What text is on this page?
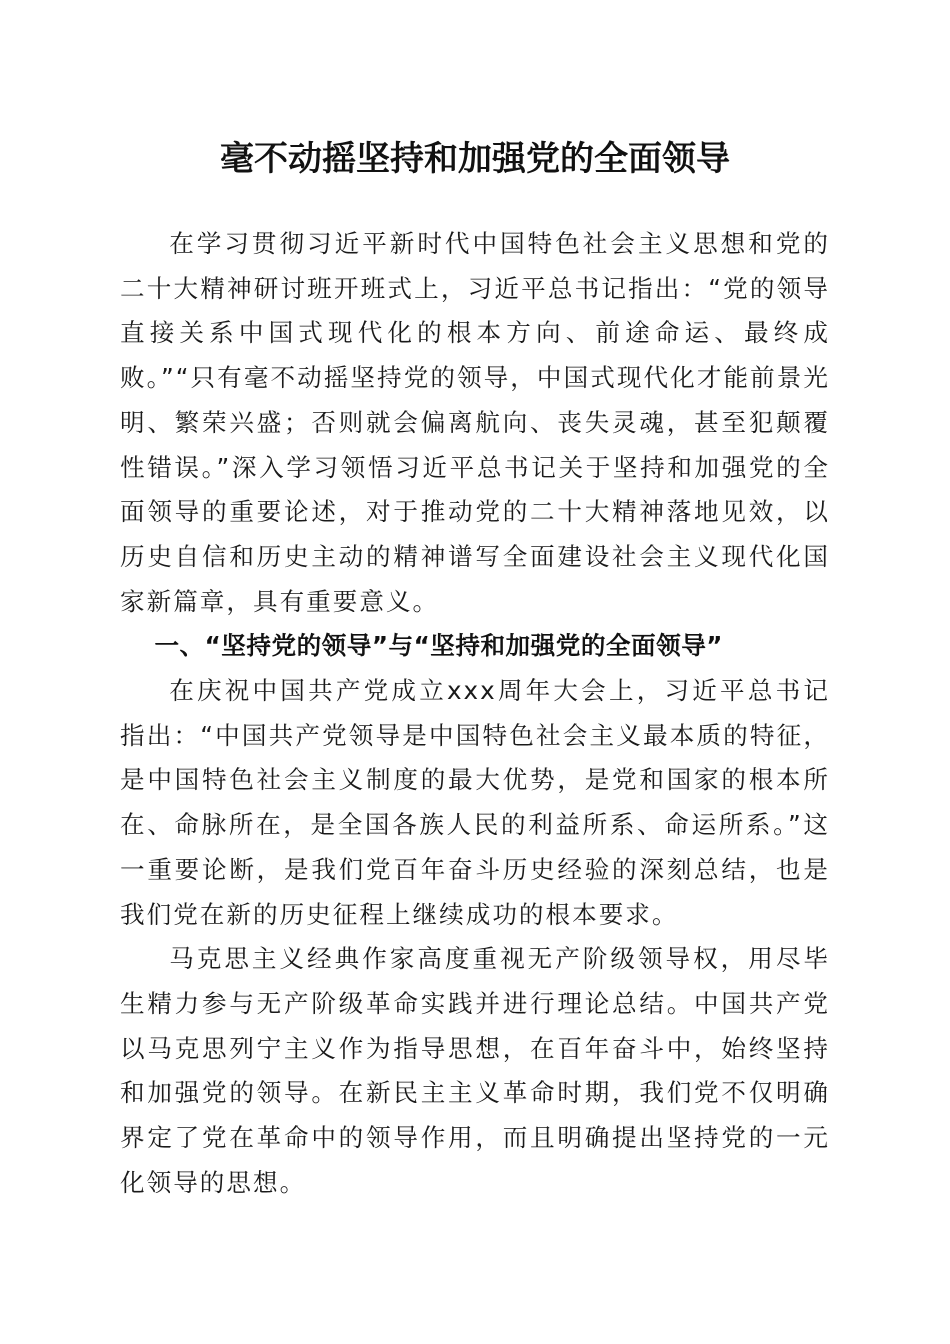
毫不动摇坚持和加强党的全面领导

在学习贯彻习近平新时代中国特色社会主义思想和党的二十大精神研讨班开班式上，习近平总书记指出：“党的领导直接关系中国式现代化的根本方向、前途命运、最终成败。”“只有毫不动摇坚持党的领导，中国式现代化才能前景光明、繁荣兴盛；否则就会偏离航向、丧失灵魂，甚至犯颠覆性错误。”深入学习领悟习近平总书记关于坚持和加强党的全面领导的重要论述，对于推动党的二十大精神落地见效，以历史自信和历史主动的精神谱写全面建设社会主义现代化国家新篇章，具有重要意义。

一、“坚持党的领导”与“坚持和加强党的全面领导”

在庆祝中国共产党成立xxx周年大会上，习近平总书记指出：“中国共产党领导是中国特色社会主义最本质的特征，是中国特色社会主义制度的最大优势，是党和国家的根本所在、命脉所在，是全国各族人民的利益所系、命运所系。”这一重要论断，是我们党百年奋斗历史经验的深刻总结，也是我们党在新的历史征程上继续成功的根本要求。

马克思主义经典作家高度重视无产阶级领导权，用尽毕生精力参与无产阶级革命实践并进行理论总结。中国共产党以马克思列宁主义作为指导思想，在百年奋斗中，始终坚持和加强党的领导。在新民主主义革命时期，我们党不仅明确界定了党在革命中的领导作用，而且明确提出坚持党的一元化领导的思想。
